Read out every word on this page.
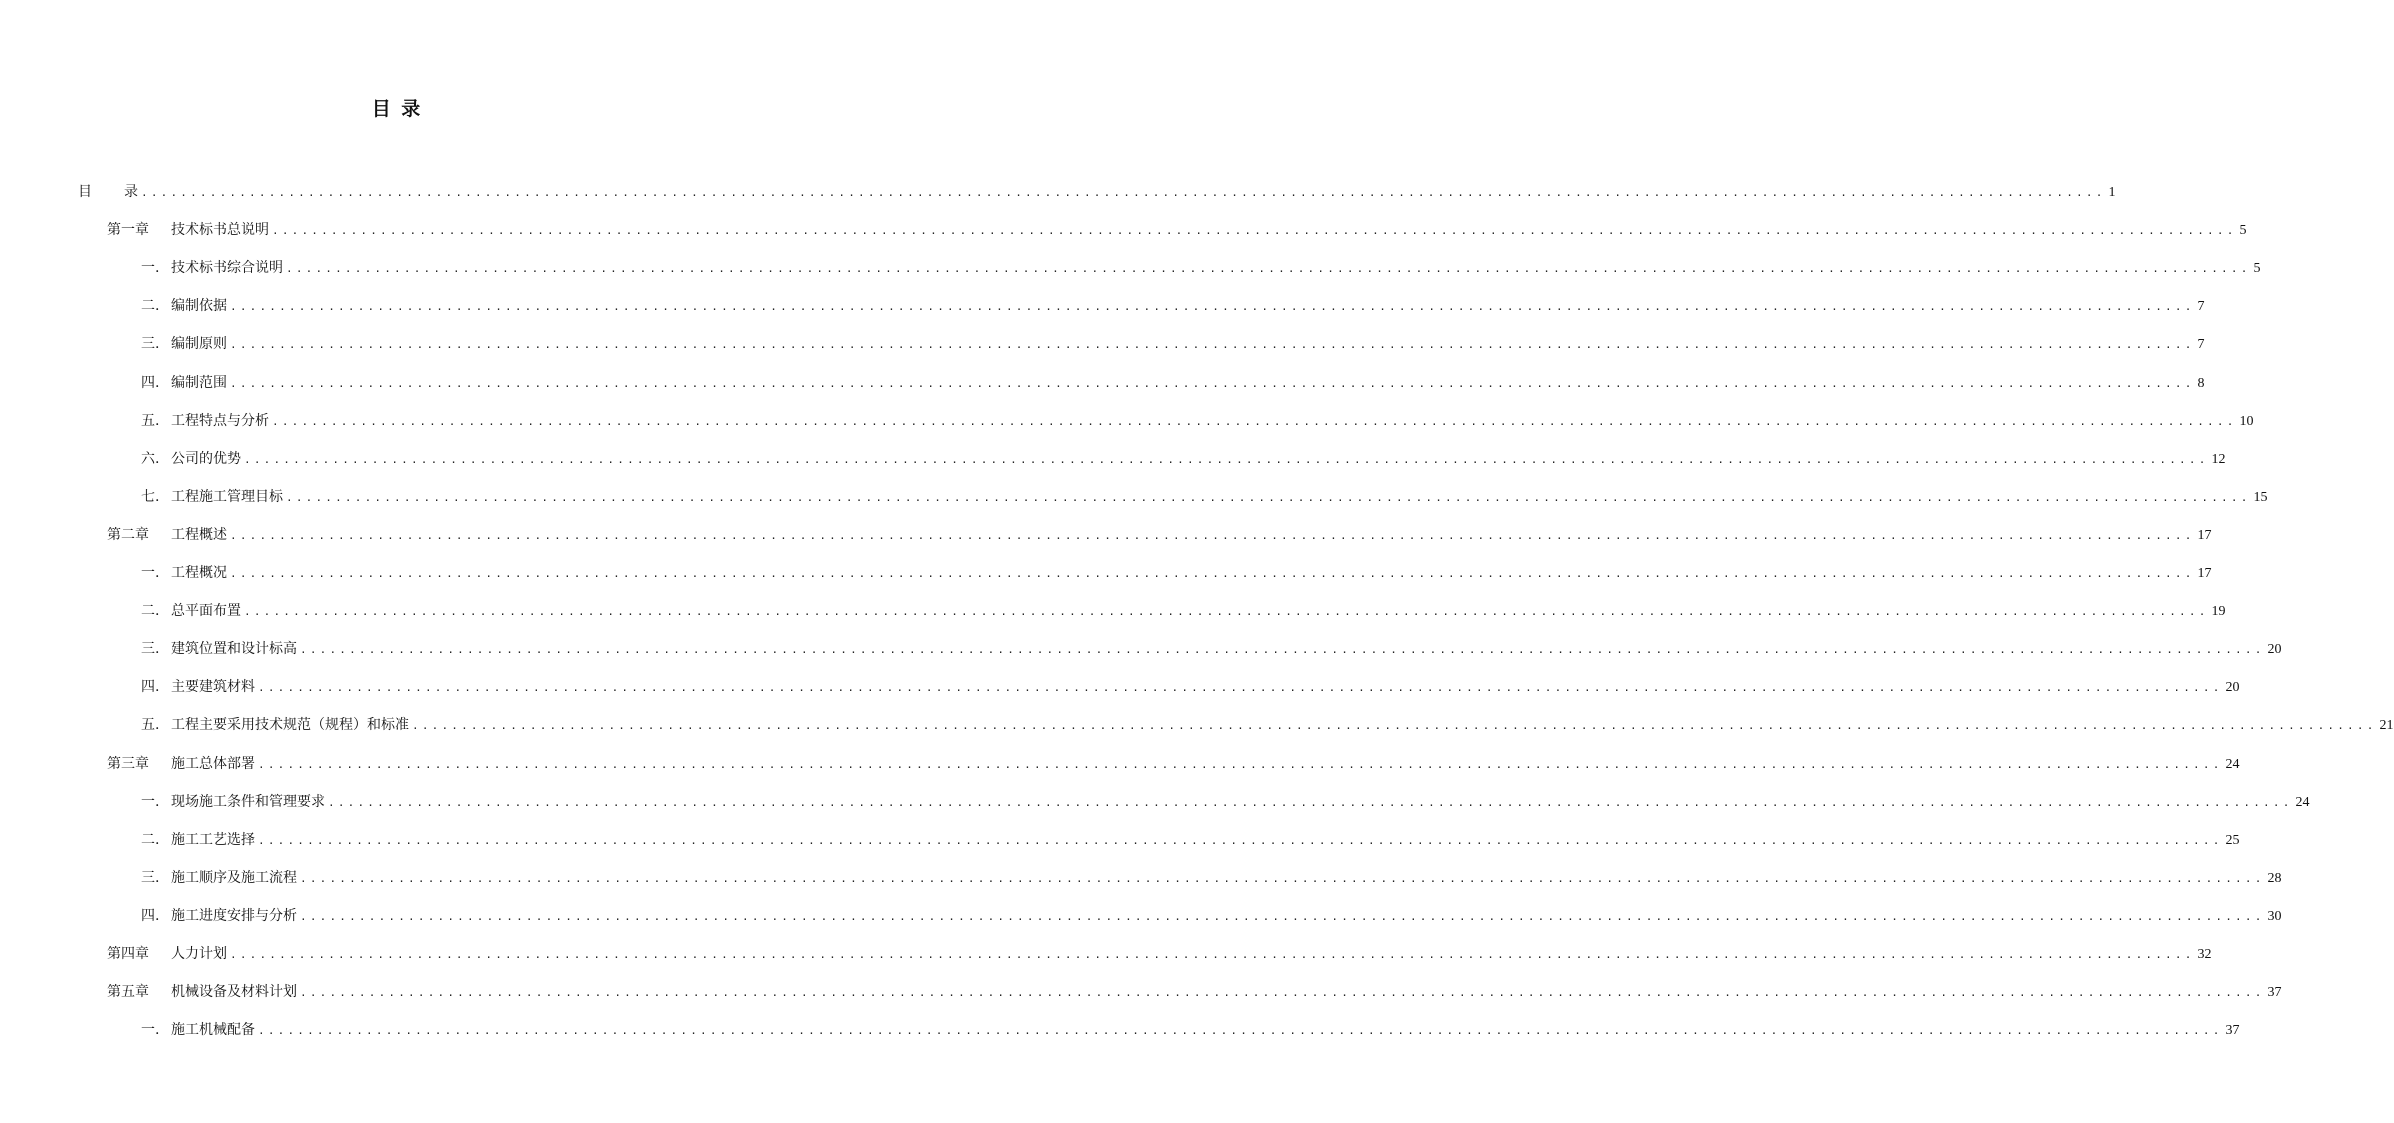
目 录
目	录 ........................................................................................................................................................................................................ 1
第一章	技术标书总说明 ........................................................................................................................................................................................................ 5
一. 技术标书综合说明 ........................................................................................................................................................................................................ 5
二. 编制依据 ........................................................................................................................................................................................................ 7
三. 编制原则 ........................................................................................................................................................................................................ 7
四. 编制范围 ........................................................................................................................................................................................................ 8
五. 工程特点与分析 ........................................................................................................................................................................................................ 10
六. 公司的优势 ........................................................................................................................................................................................................ 12
七. 工程施工管理目标 ........................................................................................................................................................................................................ 15
第二章	工程概述 ........................................................................................................................................................................................................ 17
一. 工程概况 ........................................................................................................................................................................................................ 17
二. 总平面布置 ........................................................................................................................................................................................................ 19
三. 建筑位置和设计标高 ........................................................................................................................................................................................................ 20
四. 主要建筑材料 ........................................................................................................................................................................................................ 20
五. 工程主要采用技术规范（规程）和标准 ........................................................................................................................................................................................................ 21
第三章	施工总体部署 ........................................................................................................................................................................................................ 24
一. 现场施工条件和管理要求 ........................................................................................................................................................................................................ 24
二. 施工工艺选择 ........................................................................................................................................................................................................ 25
三. 施工顺序及施工流程 ........................................................................................................................................................................................................ 28
四. 施工进度安排与分析 ........................................................................................................................................................................................................ 30
第四章	人力计划 ........................................................................................................................................................................................................ 32
第五章	机械设备及材料计划 ........................................................................................................................................................................................................ 37
一. 施工机械配备 ........................................................................................................................................................................................................ 37
